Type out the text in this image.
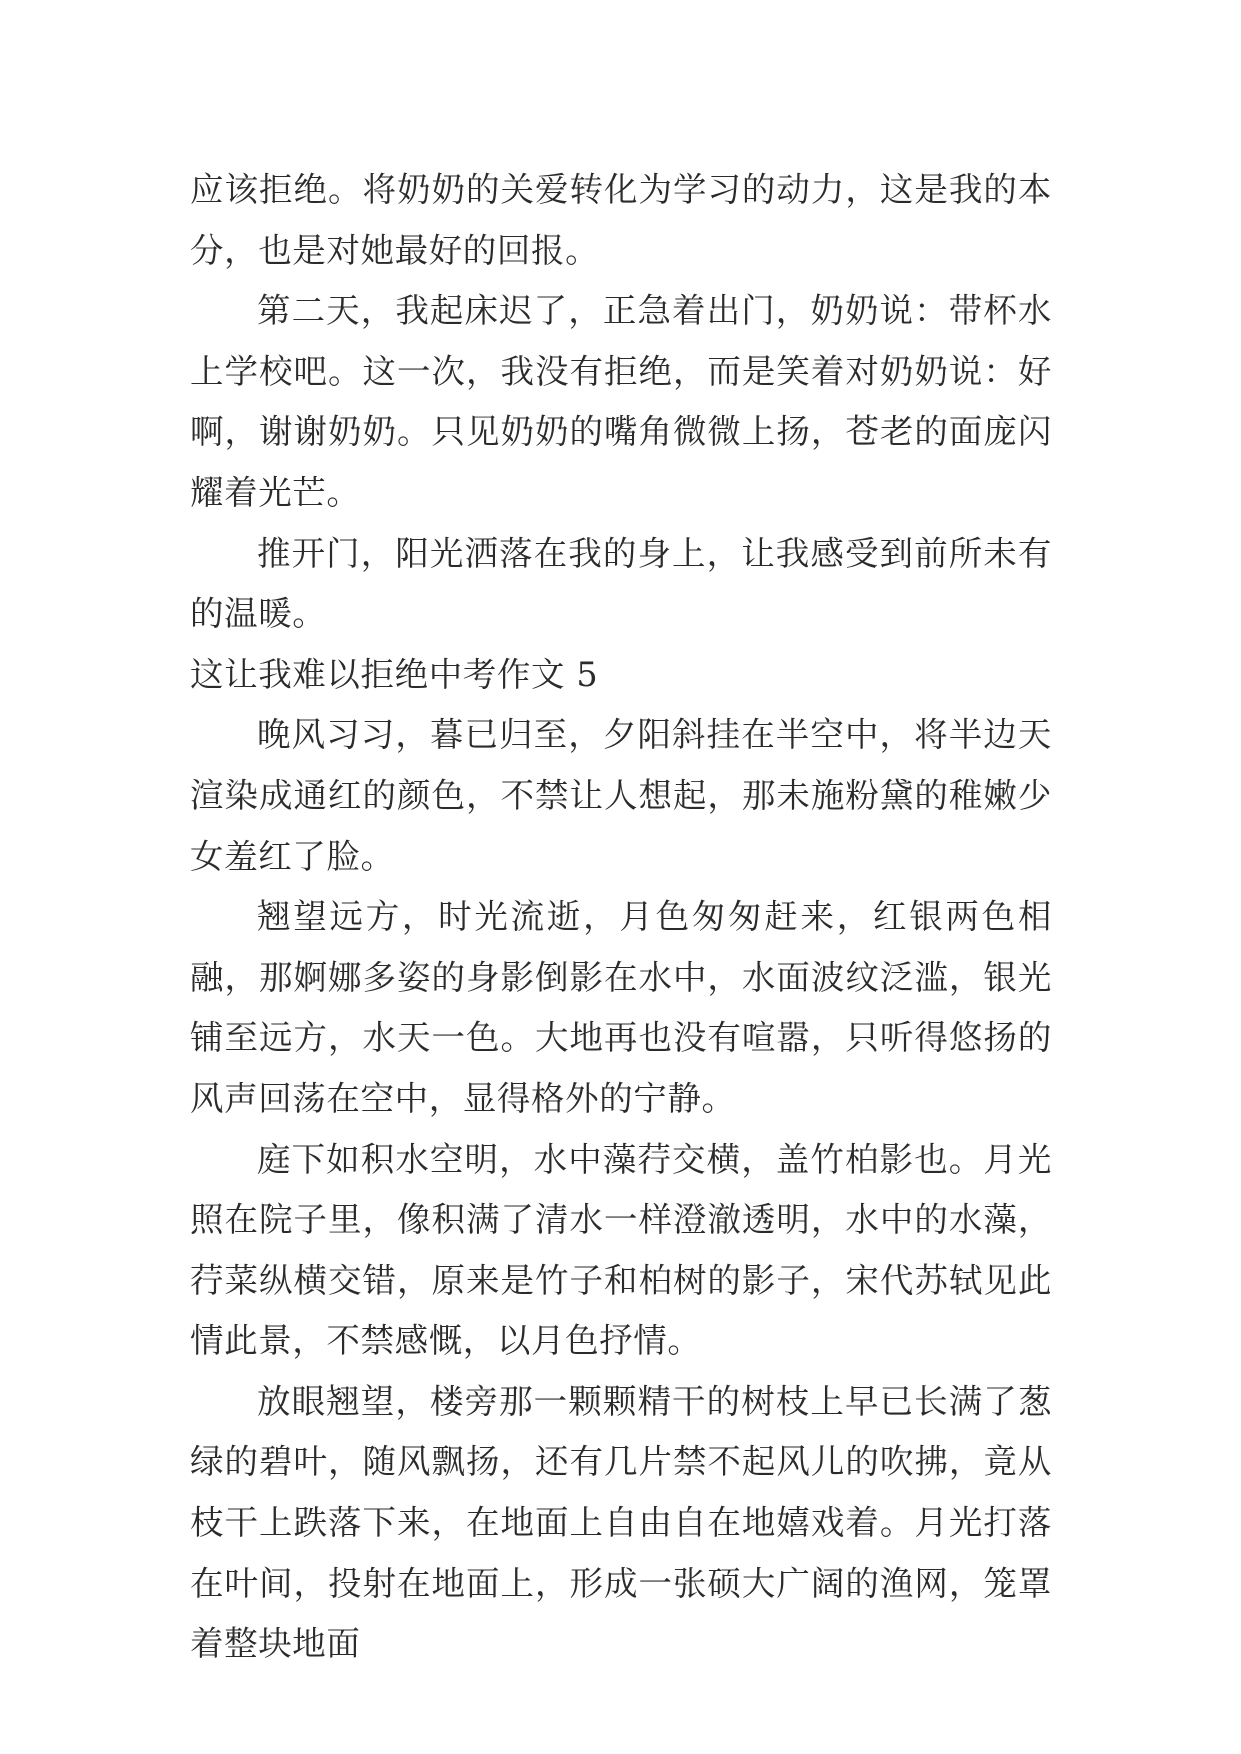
应该拒绝。将奶奶的关爱转化为学习的动力，这是我的本分，也是对她最好的回报。

第二天，我起床迟了，正急着出门，奶奶说：带杯水上学校吧。这一次，我没有拒绝，而是笑着对奶奶说：好啊，谢谢奶奶。只见奶奶的嘴角微微上扬，苍老的面庞闪耀着光芒。

推开门，阳光洒落在我的身上，让我感受到前所未有的温暖。

这让我难以拒绝中考作文 5

晚风习习，暮已归至，夕阳斜挂在半空中，将半边天渲染成通红的颜色，不禁让人想起，那未施粉黛的稚嫩少女羞红了脸。

翘望远方，时光流逝，月色匆匆赶来，红银两色相融，那婀娜多姿的身影倒影在水中，水面波纹泛滥，银光铺至远方，水天一色。大地再也没有喧嚣，只听得悠扬的风声回荡在空中，显得格外的宁静。

庭下如积水空明，水中藻荇交横，盖竹柏影也。月光照在院子里，像积满了清水一样澄澈透明，水中的水藻，荇菜纵横交错，原来是竹子和柏树的影子，宋代苏轼见此情此景，不禁感慨，以月色抒情。

放眼翘望，楼旁那一颗颗精干的树枝上早已长满了葱绿的碧叶，随风飘扬，还有几片禁不起风儿的吹拂，竟从枝干上跌落下来，在地面上自由自在地嬉戏着。月光打落在叶间，投射在地面上，形成一张硕大广阔的渔网，笼罩着整块地面
